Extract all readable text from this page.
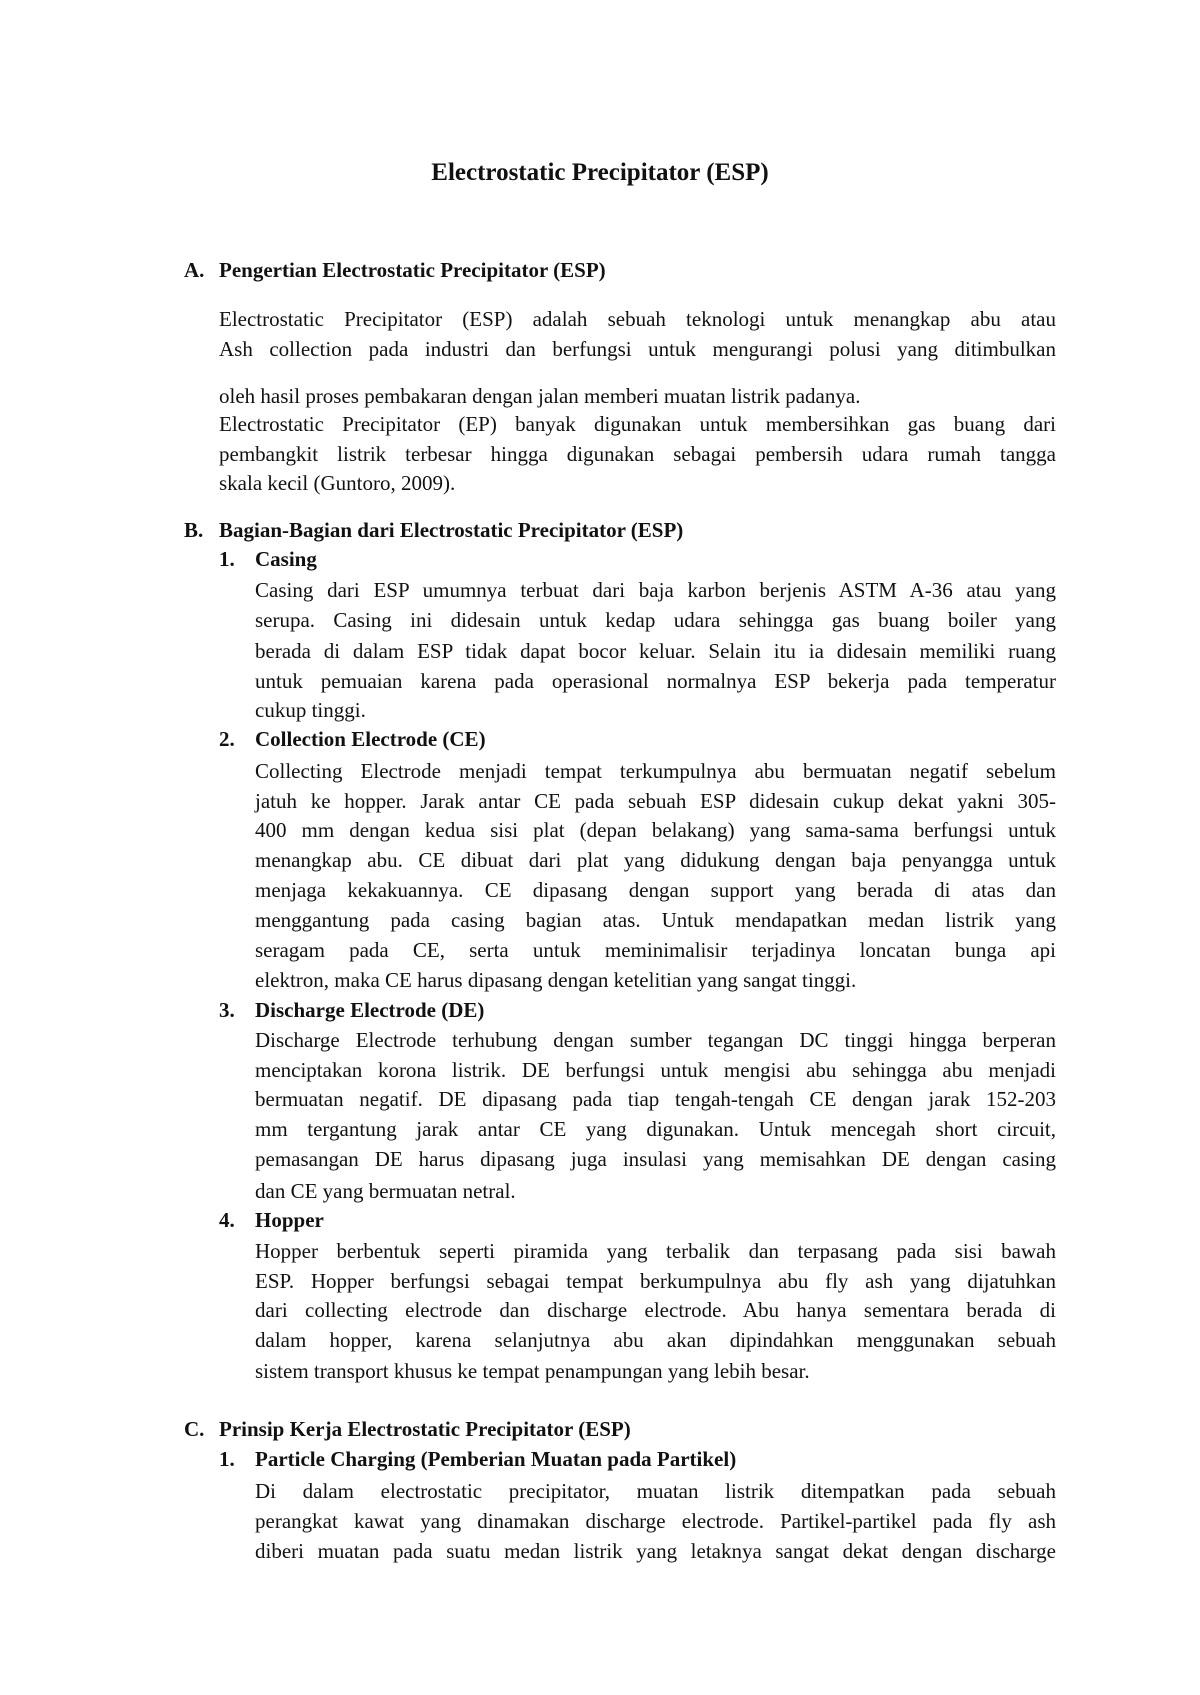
Electrostatic Precipitator (ESP)
A. Pengertian Electrostatic Precipitator (ESP)
Electrostatic Precipitator (ESP) adalah sebuah teknologi untuk menangkap abu atau
Ash collection pada industri dan berfungsi untuk mengurangi polusi yang ditimbulkan
oleh hasil proses pembakaran dengan jalan memberi muatan listrik padanya.
Electrostatic Precipitator (EP) banyak digunakan untuk membersihkan gas buang dari
pembangkit listrik terbesar hingga digunakan sebagai pembersih udara rumah tangga
skala kecil (Guntoro, 2009).
B. Bagian-Bagian dari Electrostatic Precipitator (ESP)
1. Casing
Casing dari ESP umumnya terbuat dari baja karbon berjenis ASTM A-36 atau yang
serupa. Casing ini didesain untuk kedap udara sehingga gas buang boiler yang
berada di dalam ESP tidak dapat bocor keluar. Selain itu ia didesain memiliki ruang
untuk pemuaian karena pada operasional normalnya ESP bekerja pada temperatur
cukup tinggi.
2. Collection Electrode (CE)
Collecting Electrode menjadi tempat terkumpulnya abu bermuatan negatif sebelum
jatuh ke hopper. Jarak antar CE pada sebuah ESP didesain cukup dekat yakni 305-
400 mm dengan kedua sisi plat (depan belakang) yang sama-sama berfungsi untuk
menangkap abu. CE dibuat dari plat yang didukung dengan baja penyangga untuk
menjaga kekakuannya. CE dipasang dengan support yang berada di atas dan
menggantung pada casing bagian atas. Untuk mendapatkan medan listrik yang
seragam pada CE, serta untuk meminimalisir terjadinya loncatan bunga api
elektron, maka CE harus dipasang dengan ketelitian yang sangat tinggi.
3. Discharge Electrode (DE)
Discharge Electrode terhubung dengan sumber tegangan DC tinggi hingga berperan
menciptakan korona listrik. DE berfungsi untuk mengisi abu sehingga abu menjadi
bermuatan negatif. DE dipasang pada tiap tengah-tengah CE dengan jarak 152-203
mm tergantung jarak antar CE yang digunakan. Untuk mencegah short circuit,
pemasangan DE harus dipasang juga insulasi yang memisahkan DE dengan casing
dan CE yang bermuatan netral.
4. Hopper
Hopper berbentuk seperti piramida yang terbalik dan terpasang pada sisi bawah
ESP. Hopper berfungsi sebagai tempat berkumpulnya abu fly ash yang dijatuhkan
dari collecting electrode dan discharge electrode. Abu hanya sementara berada di
dalam hopper, karena selanjutnya abu akan dipindahkan menggunakan sebuah
sistem transport khusus ke tempat penampungan yang lebih besar.
C. Prinsip Kerja Electrostatic Precipitator (ESP)
1. Particle Charging (Pemberian Muatan pada Partikel)
Di dalam electrostatic precipitator, muatan listrik ditempatkan pada sebuah
perangkat kawat yang dinamakan discharge electrode. Partikel-partikel pada fly ash
diberi muatan pada suatu medan listrik yang letaknya sangat dekat dengan discharge
